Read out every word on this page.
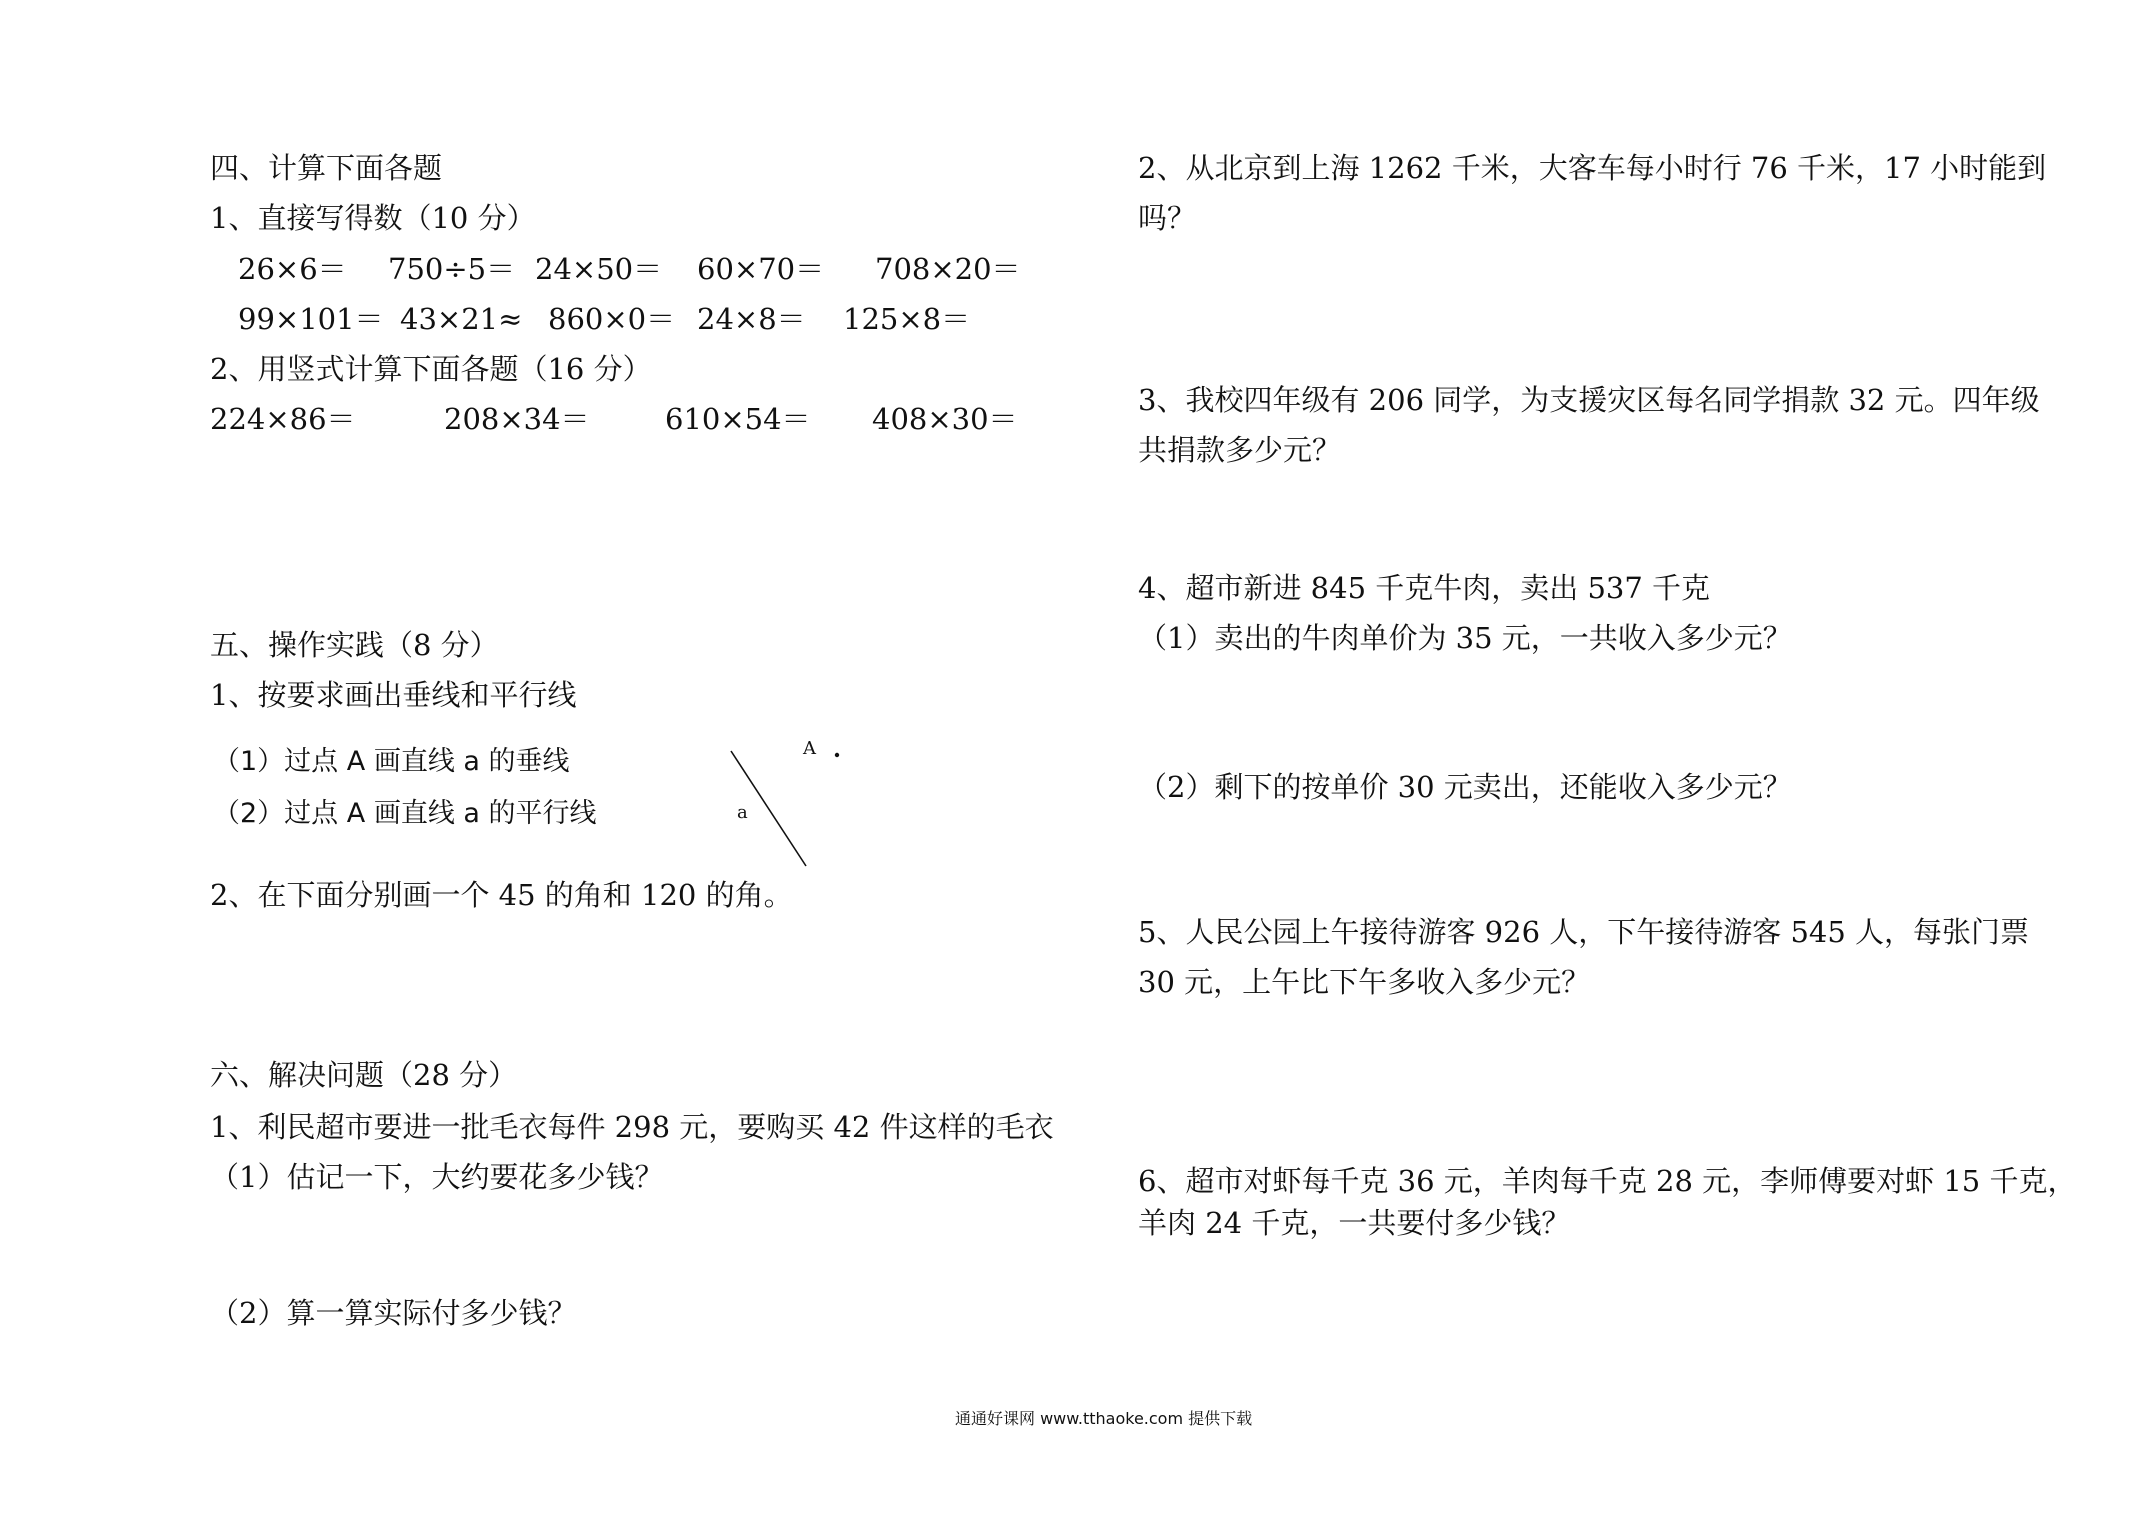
四、计算下面各题
1、直接写得数（10 分）
26×6＝ 750÷5＝ 24×50＝ 60×70＝ 708×20＝
99×101＝ 43×21≈ 860×0＝ 24×8＝ 125×8＝
2、用竖式计算下面各题（16 分）
224×86＝	208×34＝	610×54＝ 408×30＝
五、操作实践（8 分）
1、按要求画出垂线和平行线
（1）过点 A 画直线 a 的垂线
（2）过点 A 画直线 a 的平行线
A
a
2、在下面分别画一个 45 的角和 120 的角。
六、解决问题（28 分）
1、利民超市要进一批毛衣每件 298 元，要购买 42 件这样的毛衣
（1）估记一下，大约要花多少钱？
（2）算一算实际付多少钱？
2、从北京到上海 1262 千米，大客车每小时行 76 千米，17 小时能到
吗？
3、我校四年级有 206 同学，为支援灾区每名同学捐款 32 元。四年级
共捐款多少元？
4、超市新进 845 千克牛肉，卖出 537 千克
（1）卖出的牛肉单价为 35 元，一共收入多少元？
（2）剩下的按单价 30 元卖出，还能收入多少元？
5、人民公园上午接待游客 926 人，下午接待游客 545 人，每张门票
30 元，上午比下午多收入多少元？
6、超市对虾每千克 36 元，羊肉每千克 28 元，李师傅要对虾 15 千克，
羊肉 24 千克，一共要付多少钱？
通通好课网 www.tthaoke.com 提供下载
